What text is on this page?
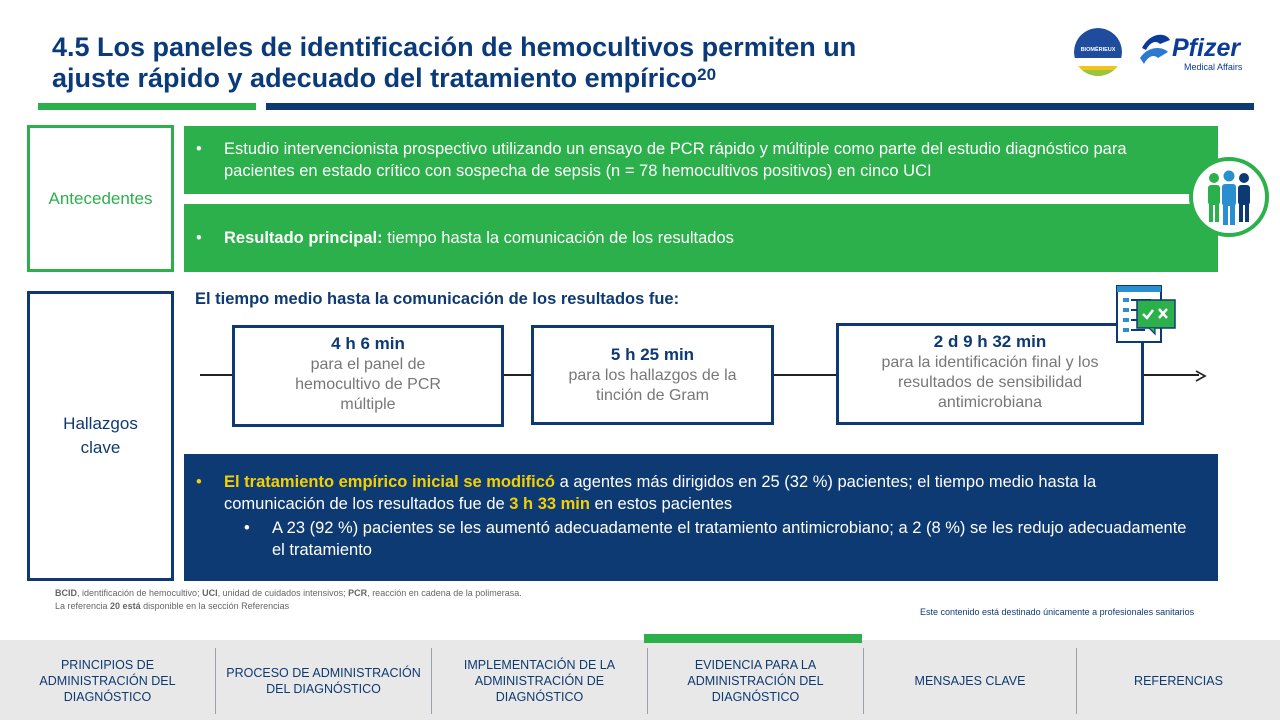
4.5 Los paneles de identificación de hemocultivos permiten un
ajuste rápido y adecuado del tratamiento empírico$^{20}$
BIOMÉRIEUX Pfizer
Medical Affairs
Antecedentes
• Estudio intervencionista prospectivo utilizando un ensayo de PCR rápido y múltiple como parte del estudio diagnóstico para pacientes en estado crítico con sospecha de sepsis (n = 78 hemocultivos positivos) en cinco UCI
• Resultado principal: tiempo hasta la comunicación de los resultados
Hallazgos
clave
El tiempo medio hasta la comunicación de los resultados fue:
4 h 6 min
para el panel de
hemocultivo de PCR
múltiple
5 h 25 min
para los hallazgos de la
tinción de Gram
2 d 9 h 32 min
para la identificación final y los
resultados de sensibilidad
antimicrobiana
• El tratamiento empírico inicial se modificó a agentes más dirigidos en 25 (32 %) pacientes; el tiempo medio hasta la comunicación de los resultados fue de 3 h 33 min en estos pacientes
• A 23 (92 %) pacientes se les aumentó adecuadamente el tratamiento antimicrobiano; a 2 (8 %) se les redujo adecuadamente el tratamiento
BCID, identificación de hemocultivo; UCI, unidad de cuidados intensivos; PCR, reacción en cadena de la polimerasa.
La referencia 20 está disponible en la sección Referencias
Este contenido está destinado únicamente a profesionales sanitarios
PRINCIPIOS DE ADMINISTRACIÓN DEL DIAGNÓSTICO
PROCESO DE ADMINISTRACIÓN DEL DIAGNÓSTICO
IMPLEMENTACIÓN DE LA ADMINISTRACIÓN DE DIAGNÓSTICO
EVIDENCIA PARA LA ADMINISTRACIÓN DEL DIAGNÓSTICO
MENSAJES CLAVE	REFERENCIAS
